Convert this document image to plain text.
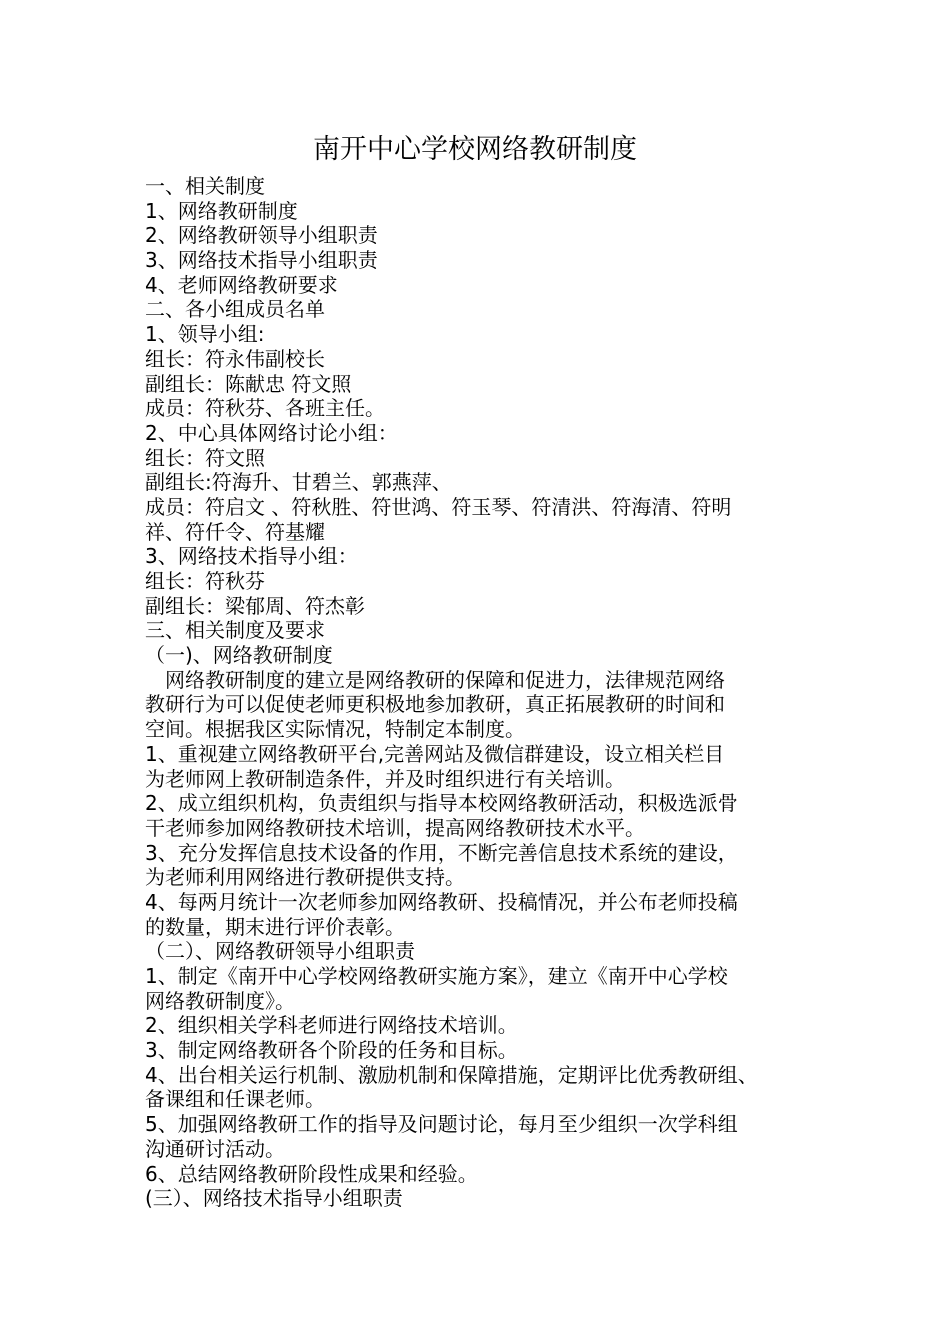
南开中心学校网络教研制度
一、相关制度
1、网络教研制度
2、网络教研领导小组职责
3、网络技术指导小组职责
4、老师网络教研要求
二、各小组成员名单
1、领导小组:
组长：符永伟副校长
副组长：陈献忠 符文照
成员：符秋芬、各班主任。
2、中心具体网络讨论小组：
组长：符文照
副组长:符海升、甘碧兰、郭燕萍、
成员：符启文 、符秋胜、符世鸿、符玉琴、符清洪、符海清、符明
祥、符仟令、符基耀
3、网络技术指导小组：
组长：符秋芬
副组长：梁郁周、符杰彰
三、相关制度及要求
（一)、网络教研制度
　网络教研制度的建立是网络教研的保障和促进力，法律规范网络
教研行为可以促使老师更积极地参加教研，真正拓展教研的时间和
空间。根据我区实际情况，特制定本制度。
1、重视建立网络教研平台,完善网站及微信群建设，设立相关栏目
为老师网上教研制造条件，并及时组织进行有关培训。
2、成立组织机构，负责组织与指导本校网络教研活动，积极选派骨
干老师参加网络教研技术培训，提高网络教研技术水平。
3、充分发挥信息技术设备的作用，不断完善信息技术系统的建设，
为老师利用网络进行教研提供支持。
4、每两月统计一次老师参加网络教研、投稿情况，并公布老师投稿
的数量，期末进行评价表彰。
（二）、网络教研领导小组职责
1、制定《南开中心学校网络教研实施方案》，建立《南开中心学校
网络教研制度》。
2、组织相关学科老师进行网络技术培训。
3、制定网络教研各个阶段的任务和目标。
4、出台相关运行机制、激励机制和保障措施，定期评比优秀教研组、
备课组和任课老师。
5、加强网络教研工作的指导及问题讨论，每月至少组织一次学科组
沟通研讨活动。
6、总结网络教研阶段性成果和经验。
(三）、网络技术指导小组职责
